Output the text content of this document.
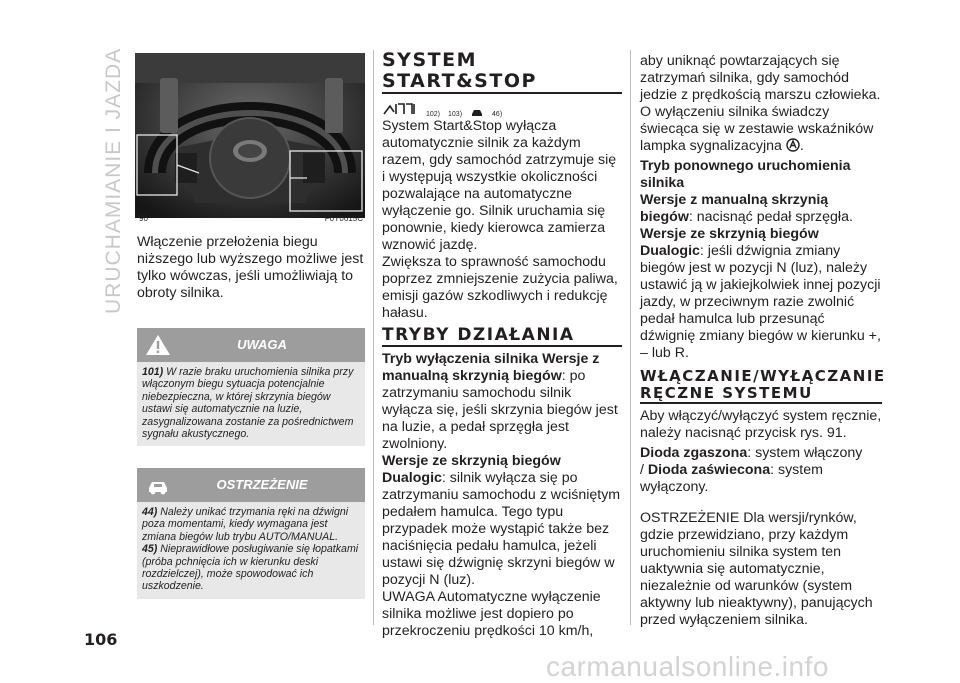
URUCHAMIANIE I JAZDA 90	F0Y0615C

Włączenie przełożenia biegu niższego lub wyższego możliwe jest tylko wówczas, jeśli umożliwiają to obroty silnika.

UWAGA
101) W razie braku uruchomienia silnika przy włączonym biegu sytuacja potencjalnie niebezpieczna, w której skrzynia biegów ustawi się automatycznie na luzie, zasygnalizowana zostanie za pośrednictwem sygnału akustycznego.
OSTRZEŻENIE
44) Należy unikać trzymania ręki na dźwigni poza momentami, kiedy wymagana jest zmiana biegów lub trybu AUTO/MANUAL.
45) Nieprawidłowe posługiwanie się łopatkami (próba pchnięcia ich w kierunku deski rozdzielczej), może spowodować ich uszkodzenie.
SYSTEM
START&STOP
102) 103)	46)

System Start&Stop wyłącza automatycznie silnik za każdym razem, gdy samochód zatrzymuje się i występują wszystkie okoliczności pozwalające na automatyczne wyłączenie go. Silnik uruchamia się ponownie, kiedy kierowca zamierza wznowić jazdę.

Zwiększa to sprawność samochodu poprzez zmniejszenie zużycia paliwa, emisji gazów szkodliwych i redukcję hałasu.

TRYBY DZIAŁANIA

Tryb wyłączenia silnika Wersje z manualną skrzynią biegów: po zatrzymaniu samochodu silnik wyłącza się, jeśli skrzynia biegów jest na luzie, a pedał sprzęgła jest zwolniony.

Wersje ze skrzynią biegów Dualogic: silnik wyłącza się po zatrzymaniu samochodu z wciśniętym pedałem hamulca. Tego typu przypadek może wystąpić także bez naciśnięcia pedału hamulca, jeżeli ustawi się dźwignię skrzyni biegów w pozycji N (luz).

UWAGA Automatyczne wyłączenie silnika możliwe jest dopiero po przekroczeniu prędkości 10 km/h,

aby uniknąć powtarzających się zatrzymań silnika, gdy samochód jedzie z prędkością marszu człowieka.

O wyłączeniu silnika świadczy świecąca się w zestawie wskaźników lampka sygnalizacyjna .

Tryb ponownego uruchomienia silnika

Wersje z manualną skrzynią biegów: nacisnąć pedał sprzęgła.

Wersje ze skrzynią biegów Dualogic: jeśli dźwignia zmiany biegów jest w pozycji N (luz), należy ustawić ją w jakiejkolwiek innej pozycji jazdy, w przeciwnym razie zwolnić pedał hamulca lub przesunąć dźwignię zmiany biegów w kierunku +, – lub R.

WŁĄCZANIE/WYŁĄCZANIE
RĘCZNE SYSTEMU

Aby włączyć/wyłączyć system ręcznie, należy nacisnąć przycisk rys. 91.

Dioda zgaszona: system włączony
/ Dioda zaświecona: system wyłączony.

OSTRZEŻENIE Dla wersji/rynków, gdzie przewidziano, przy każdym uruchomieniu silnika system ten uaktywnia się automatycznie, niezależnie od warunków (system aktywny lub nieaktywny), panujących przed wyłączeniem silnika.

106
carmanualsonline.info
